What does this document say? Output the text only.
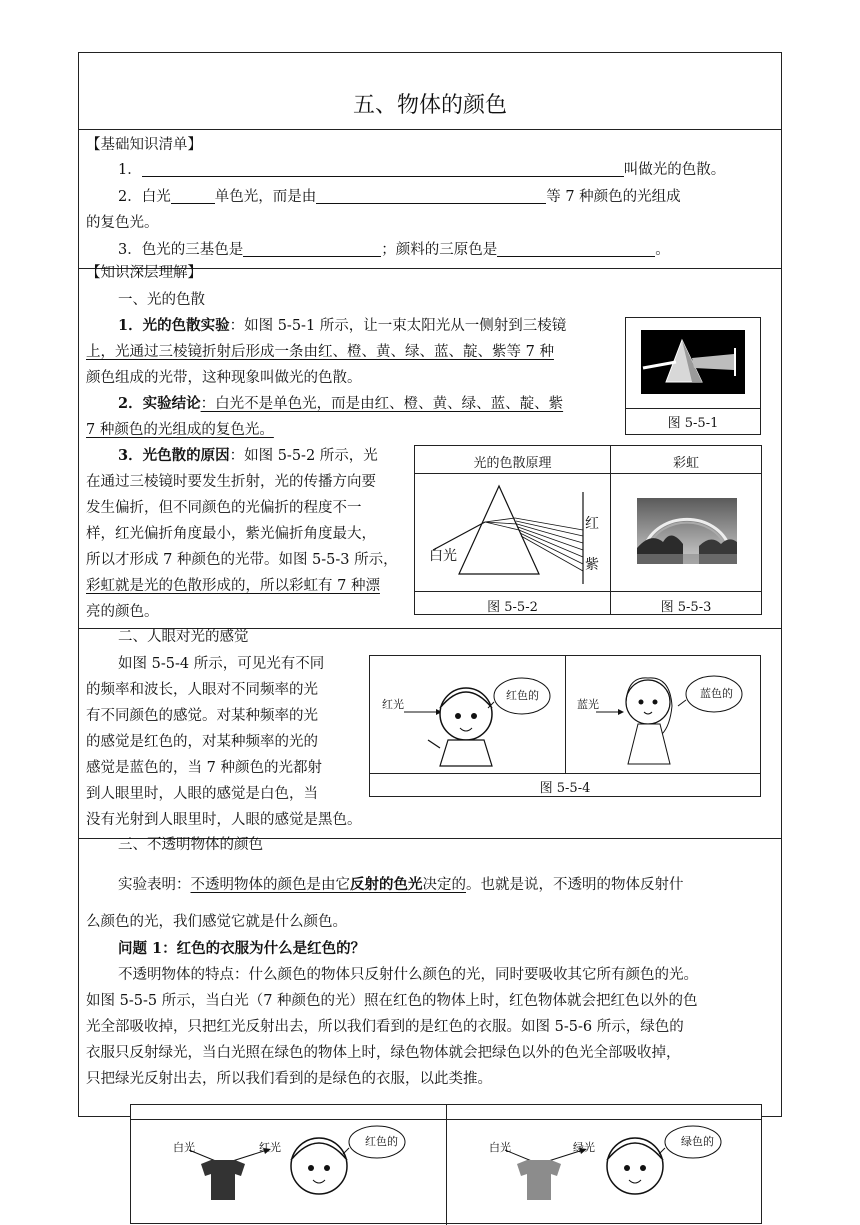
五、物体的颜色
【基础知识清单】
1．	叫做光的色散。
2．白光	单色光，而是由	等 7 种颜色的光组成
的复色光。
3．色光的三基色是	；颜料的三原色是	。
【知识深层理解】
一、光的色散
1．光的色散实验：如图 5-5-1 所示，让一束太阳光从一侧射到三棱镜
上，光通过三棱镜折射后形成一条由红、橙、黄、绿、蓝、靛、紫等 7 种
颜色组成的光带，这种现象叫做光的色散。
2．实验结论：白光不是单色光，而是由红、橙、黄、绿、蓝、靛、紫
7 种颜色的光组成的复色光。	图 5-5-1
3．光色散的原因：如图 5-5-2 所示，光
在通过三棱镜时要发生折射，光的传播方向要
发生偏折，但不同颜色的光偏折的程度不一
样，红光偏折角度最小，紫光偏折角度最大，
所以才形成 7 种颜色的光带。如图 5-5-3 所示，
彩虹就是光的色散形成的，所以彩虹有 7 种漂
亮的颜色。
光的色散原理	彩虹
红
紫
白光
图 5-5-2	图 5-5-3
二、人眼对光的感觉
如图 5-5-4 所示，可见光有不同
的频率和波长，人眼对不同频率的光
有不同颜色的感觉。对某种频率的光
的感觉是红色的，对某种频率的光的
感觉是蓝色的，当 7 种颜色的光都射
到人眼里时，人眼的感觉是白色，当
没有光射到人眼里时，人眼的感觉是黑色。
红光
红色的
蓝光
蓝色的
图 5-5-4
三、不透明物体的颜色
实验表明：不透明物体的颜色是由它反射的色光决定的。也就是说，不透明的物体反射什
么颜色的光，我们感觉它就是什么颜色。
问题 1：红色的衣服为什么是红色的？
不透明物体的特点：什么颜色的物体只反射什么颜色的光，同时要吸收其它所有颜色的光。
如图 5-5-5 所示，当白光（7 种颜色的光）照在红色的物体上时，红色物体就会把红色以外的色
光全部吸收掉，只把红光反射出去，所以我们看到的是红色的衣服。如图 5-5-6 所示，绿色的
衣服只反射绿光，当白光照在绿色的物体上时，绿色物体就会把绿色以外的色光全部吸收掉，
只把绿光反射出去，所以我们看到的是绿色的衣服，以此类推。
白光	红光	红色的	白光	绿光	绿色的
